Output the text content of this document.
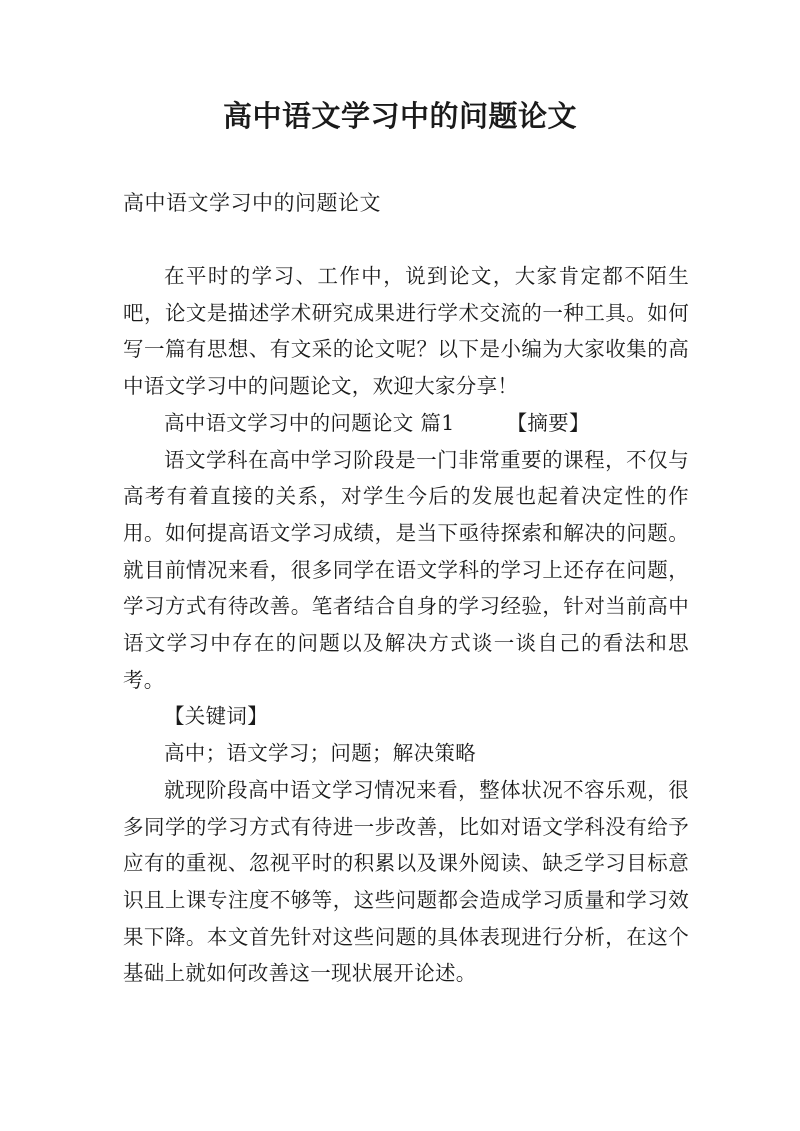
高中语文学习中的问题论文
高中语文学习中的问题论文

在平时的学习、工作中，说到论文，大家肯定都不陌生吧，论文是描述学术研究成果进行学术交流的一种工具。如何写一篇有思想、有文采的论文呢？以下是小编为大家收集的高中语文学习中的问题论文，欢迎大家分享！

高中语文学习中的问题论文 篇1	【摘要】

语文学科在高中学习阶段是一门非常重要的课程，不仅与高考有着直接的关系，对学生今后的发展也起着决定性的作用。如何提高语文学习成绩，是当下亟待探索和解决的问题。就目前情况来看，很多同学在语文学科的学习上还存在问题，学习方式有待改善。笔者结合自身的学习经验，针对当前高中语文学习中存在的问题以及解决方式谈一谈自己的看法和思考。

【关键词】

高中；语文学习；问题；解决策略

就现阶段高中语文学习情况来看，整体状况不容乐观，很多同学的学习方式有待进一步改善，比如对语文学科没有给予应有的重视、忽视平时的积累以及课外阅读、缺乏学习目标意识且上课专注度不够等，这些问题都会造成学习质量和学习效果下降。本文首先针对这些问题的具体表现进行分析，在这个基础上就如何改善这一现状展开论述。
